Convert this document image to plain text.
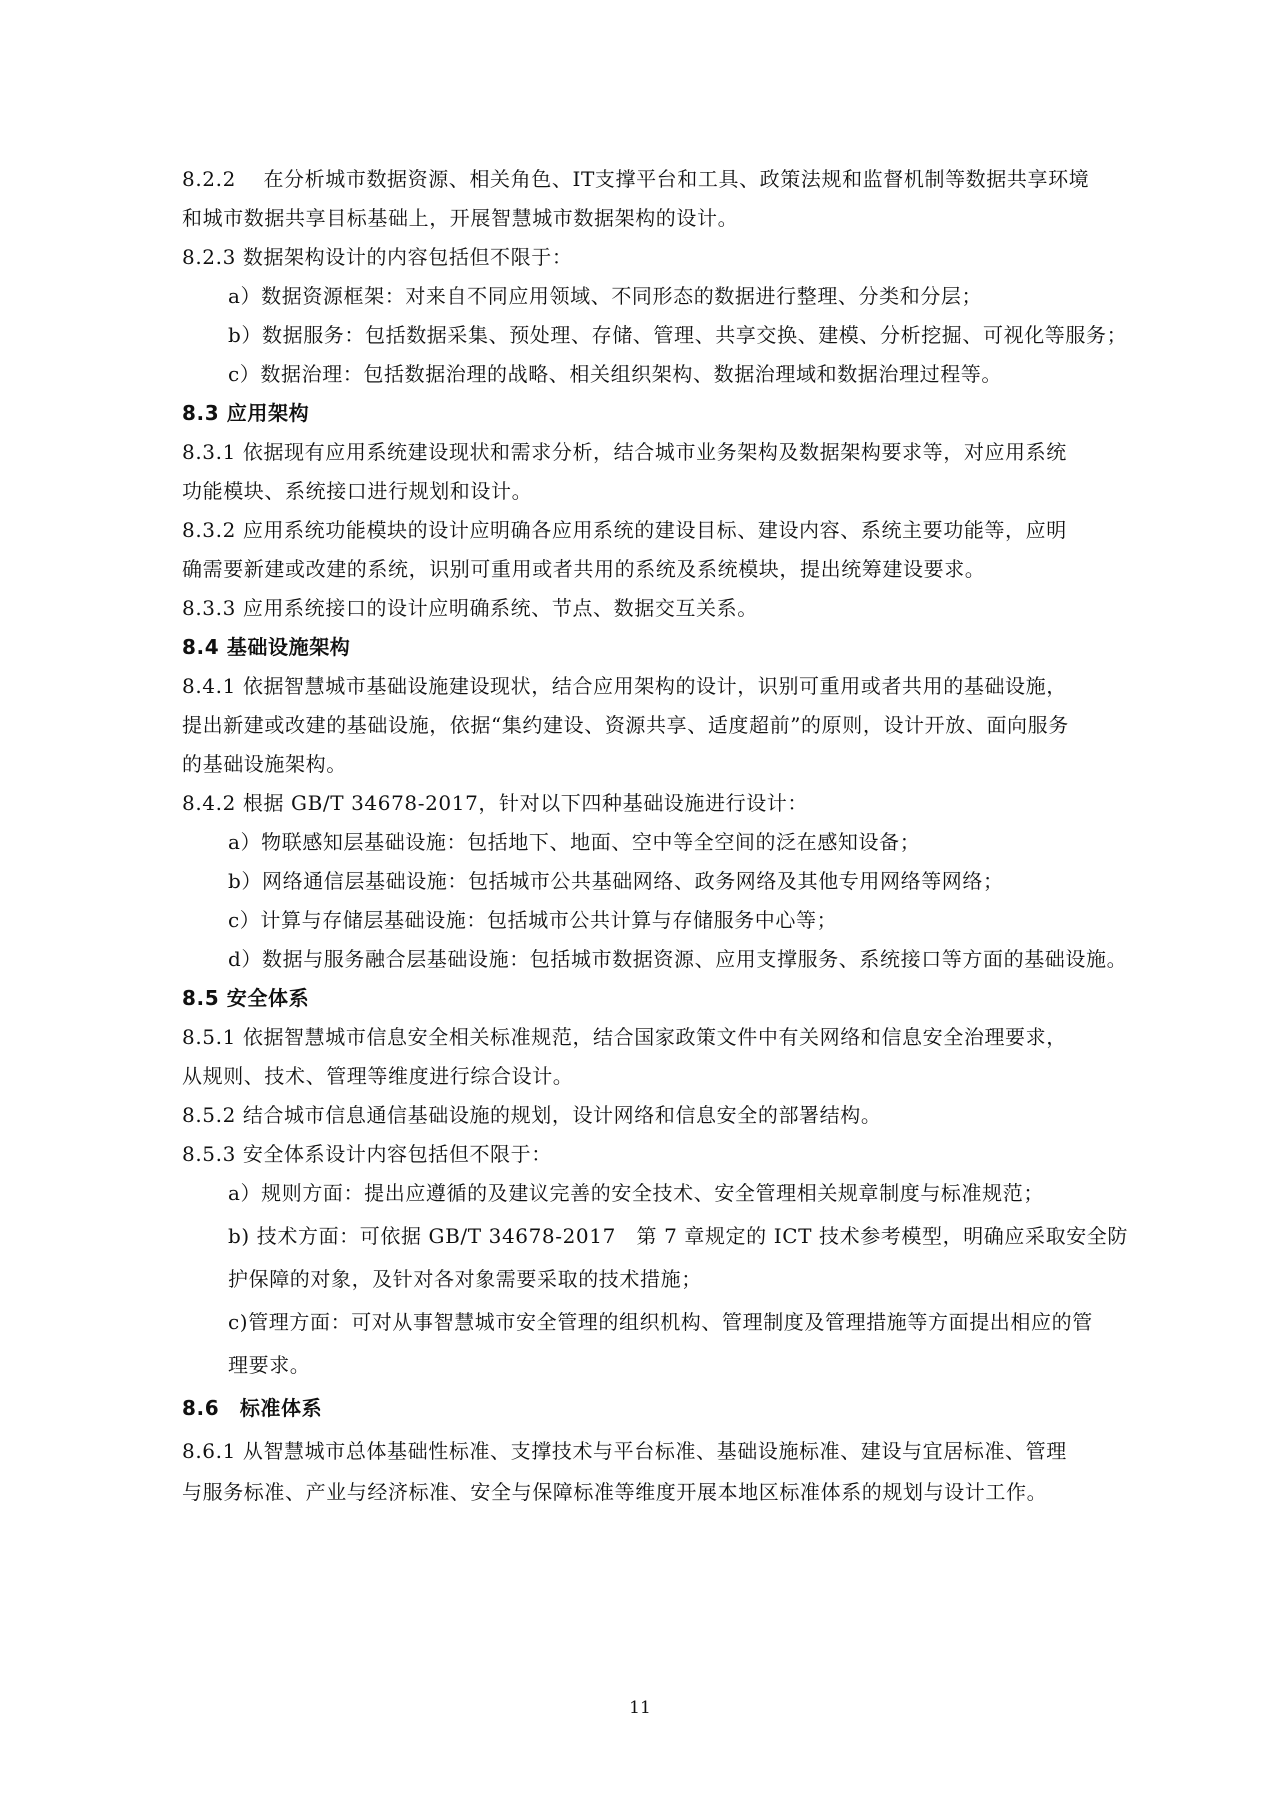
8.2.2　 在分析城市数据资源、相关角色、IT支撑平台和工具、政策法规和监督机制等数据共享环境
和城市数据共享目标基础上，开展智慧城市数据架构的设计。
8.2.3 数据架构设计的内容包括但不限于：
a）数据资源框架：对来自不同应用领域、不同形态的数据进行整理、分类和分层；
b）数据服务：包括数据采集、预处理、存储、管理、共享交换、建模、分析挖掘、可视化等服务；
c）数据治理：包括数据治理的战略、相关组织架构、数据治理域和数据治理过程等。
8.3 应用架构
8.3.1 依据现有应用系统建设现状和需求分析，结合城市业务架构及数据架构要求等，对应用系统
功能模块、系统接口进行规划和设计。
8.3.2 应用系统功能模块的设计应明确各应用系统的建设目标、建设内容、系统主要功能等，应明
确需要新建或改建的系统，识别可重用或者共用的系统及系统模块，提出统筹建设要求。
8.3.3 应用系统接口的设计应明确系统、节点、数据交互关系。
8.4 基础设施架构
8.4.1 依据智慧城市基础设施建设现状，结合应用架构的设计，识别可重用或者共用的基础设施，
提出新建或改建的基础设施，依据“集约建设、资源共享、适度超前”的原则，设计开放、面向服务
的基础设施架构。
8.4.2 根据 GB/T 34678-2017，针对以下四种基础设施进行设计：
a）物联感知层基础设施：包括地下、地面、空中等全空间的泛在感知设备；
b）网络通信层基础设施：包括城市公共基础网络、政务网络及其他专用网络等网络；
c）计算与存储层基础设施：包括城市公共计算与存储服务中心等；
d）数据与服务融合层基础设施：包括城市数据资源、应用支撑服务、系统接口等方面的基础设施。
8.5 安全体系
8.5.1 依据智慧城市信息安全相关标准规范，结合国家政策文件中有关网络和信息安全治理要求，
从规则、技术、管理等维度进行综合设计。
8.5.2 结合城市信息通信基础设施的规划，设计网络和信息安全的部署结构。
8.5.3 安全体系设计内容包括但不限于：
a）规则方面：提出应遵循的及建议完善的安全技术、安全管理相关规章制度与标准规范；
b) 技术方面：可依据 GB/T 34678-2017　第 7 章规定的 ICT 技术参考模型，明确应采取安全防
护保障的对象，及针对各对象需要采取的技术措施；
c)管理方面：可对从事智慧城市安全管理的组织机构、管理制度及管理措施等方面提出相应的管
理要求。
8.6　标准体系
8.6.1 从智慧城市总体基础性标准、支撑技术与平台标准、基础设施标准、建设与宜居标准、管理
与服务标准、产业与经济标准、安全与保障标准等维度开展本地区标准体系的规划与设计工作。
11
